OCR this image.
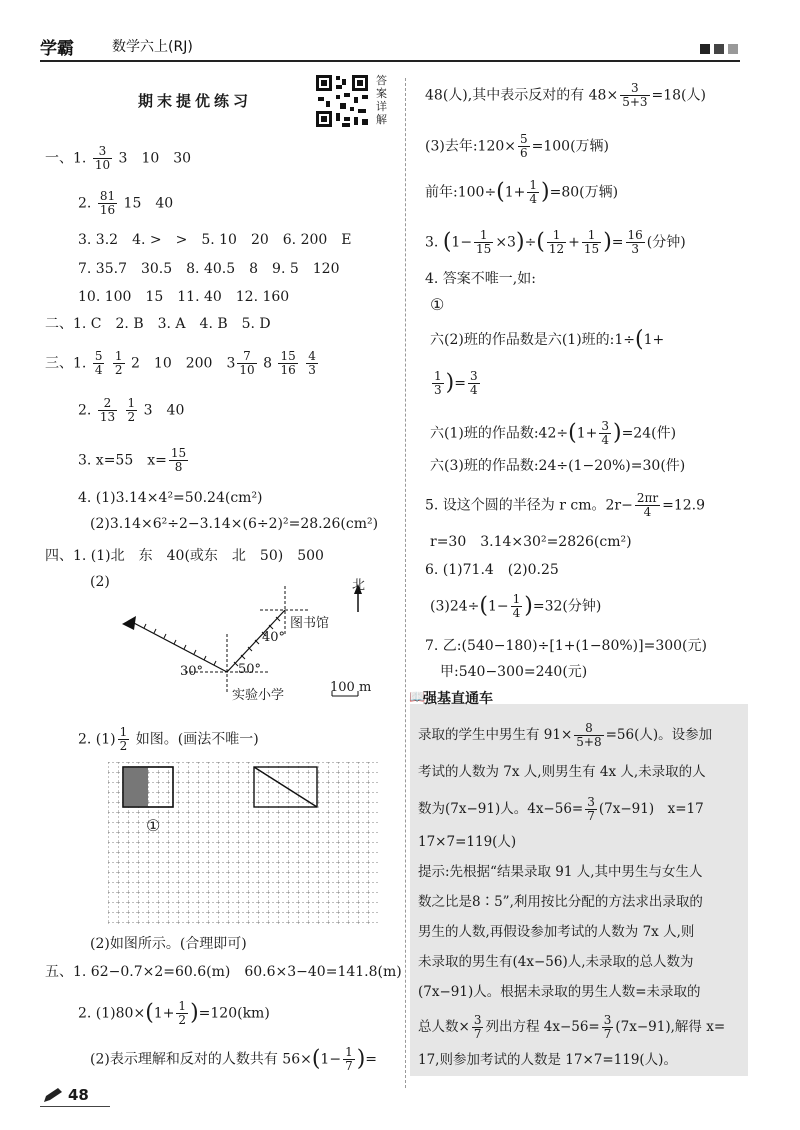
学霸	数学六上(RJ)
期末提优练习
答案详解
一、1. $\frac{3}{10} 3$　10　30
2. $\frac{81}{16} 15$　40
3. 3.2　4. >　>　5. 10　20　6. 200　E
7. 35.7　30.5　8. 40.5　8　9. 5　120
10. 100　15　11. 40　12. 160
二、1. C　2. B　3. A　4. B　5. D
三、1. $\frac{5}{4}$
$\frac{1}{2} 2$　10　200　$3 \frac{7}{10} 8 \frac{15}{16}$
$\frac{4}{3}$
2. $\frac{2}{13}$
$\frac{1}{2} 3$　40
3. x=55　$x= \frac{15}{8}$
4. (1)3.14×4²=50.24(cm²)
(2)3.14×6²÷2−3.14×(6÷2)²=28.26(cm²)
四、1. (1)北　东　40(或东　北　50)　500
(2)	北
图书馆
40°
30°	50°
实验小学
100 m
2. $(1) \frac{1}{2}$ 如图。(画法不唯一)
①
(2)如图所示。(合理即可)
五、1. 62−0.7×2=60.6(m)　60.6×3−40=141.8(m)
2. $(1)80\times(1+ \frac{1}{2} )=120(km)$
(2)表示理解和反对的人数共有 $56\times(1- \frac{1}{7}$ )=
48(人),其中表示反对的有 $48\times \frac{3}{5+3} =18$(人)
(3)去年:120× $\frac{5}{6} =100$(万辆)
前年:100÷(1+ $\frac{1}{4} )=80$(万辆)
3. $(1- \frac{1}{15} \times 3)\div( \frac{1}{12} + \frac{1}{15}$ )= $\frac{16}{3}$ (分钟)
4. 答案不唯一,如:
①
六(2)班的作品数是六(1)班的:1÷(1+
$\frac{1}{3}$ )= $\frac{3}{4}$
六(1)班的作品数:42÷(1+ $\frac{3}{4} )=24$(件)
六(3)班的作品数:24÷(1−20%)=30(件)
5. 设这个圆的半径为 r cm。$2r- \frac{2\pi r}{4} =12.9$
r=30　3.14×30²=2826(cm²)
6. (1)71.4　(2)0.25
$(3)24\div(1- \frac{1}{4} )=32$(分钟)
7. 乙:(540−180)÷[1+(1−80%)]=300(元)
甲:540−300=240(元)
📖
强基直通车
录取的学生中男生有 $91\times \frac{8}{5+8} =56$(人)。设参加
考试的人数为 7x 人,则男生有 4x 人,未录取的人
数为(7x−91)人。$4x-56= \frac{3}{7} (7x-91)$　x=17
17×7=119(人)
提示:先根据“结果录取 91 人,其中男生与女生人
数之比是8∶5”,利用按比分配的方法求出录取的
男生的人数,再假设参加考试的人数为 7x 人,则
未录取的男生有(4x−56)人,未录取的总人数为
(7x−91)人。根据未录取的男生人数=未录取的
总人数× $\frac{3}{7}$ 列出方程 $4x-56= \frac{3}{7} (7x-91)$,解得 x=
17,则参加考试的人数是 17×7=119(人)。
48
